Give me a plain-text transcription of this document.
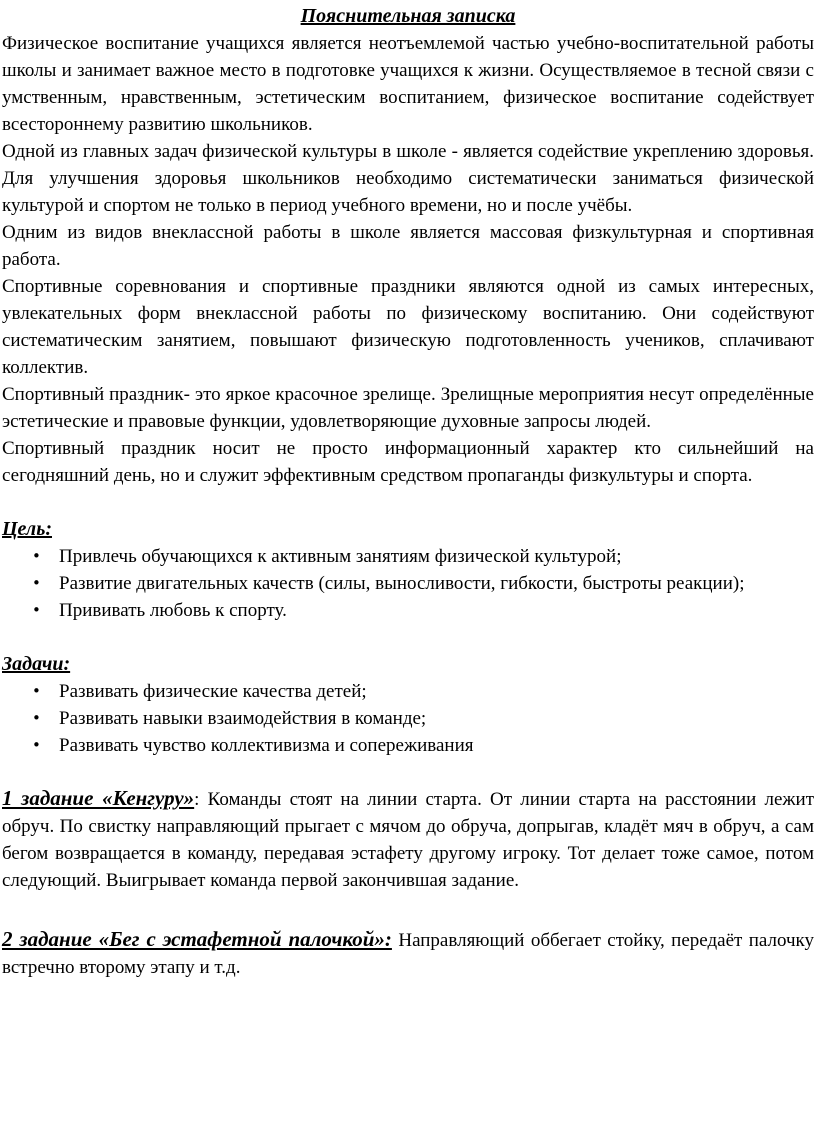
Пояснительная записка

Физическое воспитание учащихся является неотъемлемой частью учебно-воспитательной работы школы и занимает важное место в подготовке учащихся к жизни. Осуществляемое в тесной связи с умственным, нравственным, эстетическим воспитанием, физическое воспитание содействует всестороннему развитию школьников.

Одной из главных задач физической культуры в школе - является содействие укреплению здоровья. Для улучшения здоровья школьников необходимо систематически заниматься физической культурой и спортом не только в период учебного времени, но и после учёбы.

Одним из видов внеклассной работы в школе является массовая физкультурная и спортивная работа.

Спортивные соревнования и спортивные праздники являются одной из самых интересных, увлекательных форм внеклассной работы по физическому воспитанию. Они содействуют систематическим занятием, повышают физическую подготовленность учеников, сплачивают коллектив.

Спортивный праздник- это яркое красочное зрелище. Зрелищные мероприятия несут определённые эстетические и правовые функции, удовлетворяющие духовные запросы людей.

Спортивный праздник носит не просто информационный характер кто сильнейший на сегодняшний день, но и служит эффективным средством пропаганды физкультуры и спорта.

Цель:
• Привлечь обучающихся к активным занятиям физической культурой;
• Развитие двигательных качеств (силы, выносливости, гибкости, быстроты реакции);
• Прививать любовь к спорту.
Задачи:
• Развивать физические качества детей;
• Развивать навыки взаимодействия в команде;
• Развивать чувство коллективизма и сопереживания

1 задание «Кенгуру»: Команды стоят на линии старта. От линии старта на расстоянии лежит обруч. По свистку направляющий прыгает с мячом до обруча, допрыгав, кладёт мяч в обруч, а сам бегом возвращается в команду, передавая эстафету другому игроку. Тот делает тоже самое, потом следующий. Выигрывает команда первой закончившая задание.

2 задание «Бег с эстафетной палочкой»: Направляющий оббегает стойку, передаёт палочку встречно второму этапу и т.д.
